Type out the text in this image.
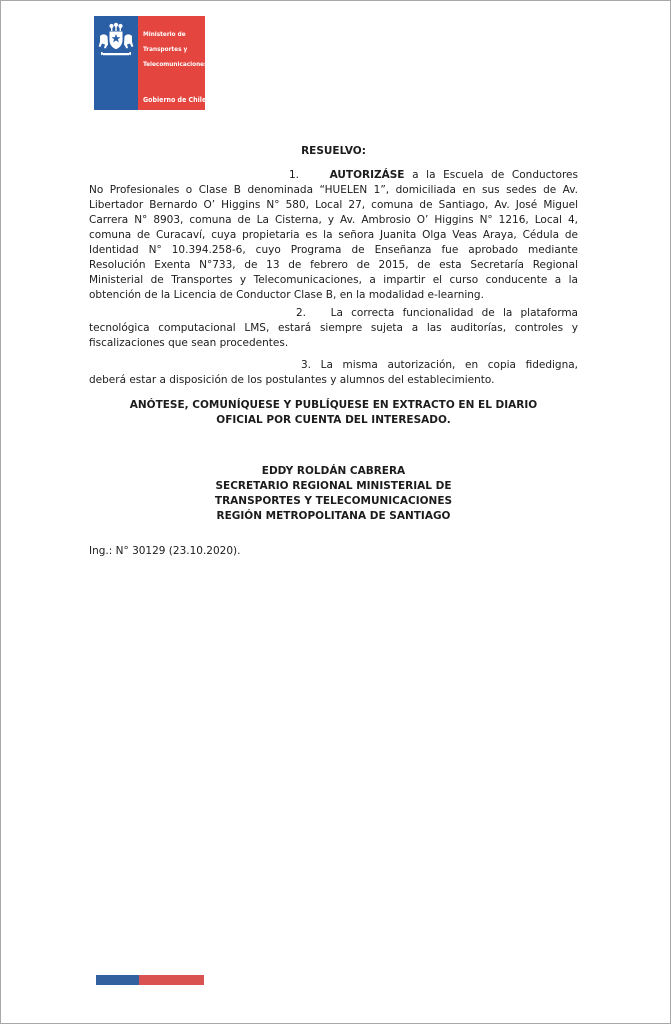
Ministerio de
Transportes y
Telecomunicaciones
Gobierno de Chile
RESUELVO:
1.    AUTORIZÁSE a la Escuela de Conductores
No Profesionales o Clase B denominada “HUELEN 1”, domiciliada en sus sedes de Av.
Libertador Bernardo O’ Higgins N° 580, Local 27, comuna de Santiago, Av. José Miguel
Carrera N° 8903, comuna de La Cisterna, y Av. Ambrosio O’ Higgins N° 1216, Local 4,
comuna de Curacaví, cuya propietaria es la señora Juanita Olga Veas Araya, Cédula de
Identidad N° 10.394.258-6, cuyo Programa de Enseñanza fue aprobado mediante
Resolución Exenta N°733, de 13 de febrero de 2015, de esta Secretaría Regional
Ministerial de Transportes y Telecomunicaciones, a impartir el curso conducente a la
obtención de la Licencia de Conductor Clase B, en la modalidad e-learning.
2.   La correcta funcionalidad de la plataforma
tecnológica computacional LMS, estará siempre sujeta a las auditorías, controles y
fiscalizaciones que sean procedentes.
3. La misma autorización, en copia fidedigna,
deberá estar a disposición de los postulantes y alumnos del establecimiento.
ANÓTESE, COMUNÍQUESE Y PUBLÍQUESE EN EXTRACTO EN EL DIARIO
OFICIAL POR CUENTA DEL INTERESADO.
EDDY ROLDÁN CABRERA
SECRETARIO REGIONAL MINISTERIAL DE
TRANSPORTES Y TELECOMUNICACIONES
REGIÓN METROPOLITANA DE SANTIAGO
Ing.: N° 30129 (23.10.2020).
